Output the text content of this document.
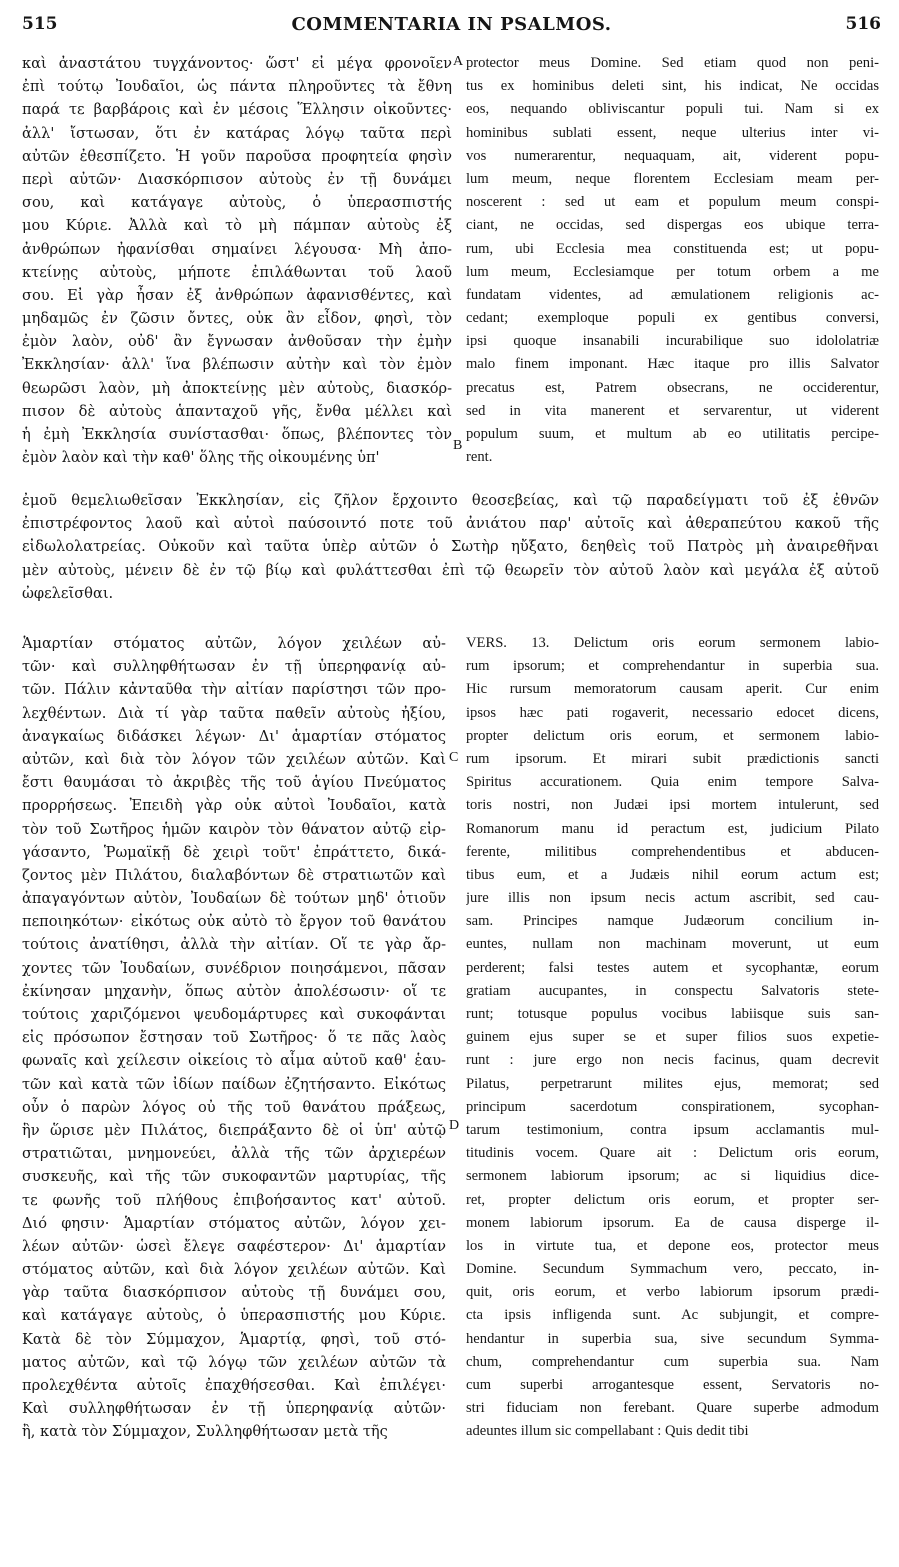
515	COMMENTARIA IN PSALMOS.	516
καὶ ἀναστάτου τυγχάνοντος· ὥστ' εἰ μέγα φρονοῖεν
ἐπὶ τούτῳ Ἰουδαῖοι, ὡς πάντα πληροῦντες τὰ ἔθνη
παρά τε βαρβάροις καὶ ἐν μέσοις Ἕλλησιν οἰκοῦντες·
ἀλλ' ἴστωσαν, ὅτι ἐν κατάρας λόγῳ ταῦτα περὶ
αὐτῶν ἐθεσπίζετο. Ἡ γοῦν παροῦσα προφητεία φησὶν
περὶ αὐτῶν· Διασκόρπισον αὐτοὺς ἐν τῇ δυνάμει
σου, καὶ κατάγαγε αὐτοὺς, ὁ ὑπερασπιστής
μου Κύριε. Ἀλλὰ καὶ τὸ μὴ πάμπαν αὐτοὺς ἐξ
ἀνθρώπων ἠφανίσθαι σημαίνει λέγουσα· Μὴ ἀπο-
κτείνῃς αὐτοὺς, μήποτε ἐπιλάθωνται τοῦ λαοῦ
σου. Εἰ γὰρ ἦσαν ἐξ ἀνθρώπων ἀφανισθέντες, καὶ
μηδαμῶς ἐν ζῶσιν ὄντες, οὐκ ἂν εἶδον, φησὶ, τὸν
ἐμὸν λαὸν, οὐδ' ἂν ἔγνωσαν ἀνθοῦσαν τὴν ἐμὴν
Ἐκκλησίαν· ἀλλ' ἵνα βλέπωσιν αὐτὴν καὶ τὸν ἐμὸν
θεωρῶσι λαὸν, μὴ ἀποκτείνῃς μὲν αὐτοὺς, διασκόρ-
πισον δὲ αὐτοὺς ἁπανταχοῦ γῆς, ἔνθα μέλλει καὶ
ἡ ἐμὴ Ἐκκλησία συνίστασθαι· ὅπως, βλέποντες τὸν
ἐμὸν λαὸν καὶ τὴν καθ' ὅλης τῆς οἰκουμένης ὑπ'
protector meus Domine. Sed etiam quod non peni-
tus ex hominibus deleti sint, his indicat, Ne occidas
eos, nequando obliviscantur populi tui. Nam si ex
hominibus sublati essent, neque ulterius inter vi-
vos numerarentur, nequaquam, ait, viderent popu-
lum meum, neque florentem Ecclesiam meam per-
noscerent : sed ut eam et populum meum conspi-
ciant, ne occidas, sed dispergas eos ubique terra-
rum, ubi Ecclesia mea constituenda est; ut popu-
lum meum, Ecclesiamque per totum orbem a me
fundatam videntes, ad æmulationem religionis ac-
cedant; exemploque populi ex gentibus conversi,
ipsi quoque insanabili incurabilique suo idololatriæ
malo finem imponant. Hæc itaque pro illis Salvator
precatus est, Patrem obsecrans, ne occiderentur,
sed in vita manerent et servarentur, ut viderent
populum suum, et multum ab eo utilitatis percipe-
rent.
ἐμοῦ θεμελιωθεῖσαν Ἐκκλησίαν, εἰς ζῆλον ἔρχοιντο θεοσεβείας, καὶ τῷ παραδείγματι τοῦ ἐξ ἐθνῶν
ἐπιστρέφοντος λαοῦ καὶ αὐτοὶ παύσοιντό ποτε τοῦ ἀνιάτου παρ' αὐτοῖς καὶ ἀθεραπεύτου κακοῦ τῆς
εἰδωλολατρείας. Οὐκοῦν καὶ ταῦτα ὑπὲρ αὐτῶν ὁ Σωτὴρ ηὔξατο, δεηθεὶς τοῦ Πατρὸς μὴ ἀναιρεθῆναι
μὲν αὐτοὺς, μένειν δὲ ἐν τῷ βίῳ καὶ φυλάττεσθαι ἐπὶ τῷ θεωρεῖν τὸν αὐτοῦ λαὸν καὶ μεγάλα ἐξ αὐτοῦ
ὠφελεῖσθαι.
Ἁμαρτίαν στόματος αὐτῶν, λόγον χειλέων αὐ-
τῶν· καὶ συλληφθήτωσαν ἐν τῇ ὑπερηφανίᾳ αὐ-
τῶν. Πάλιν κἀνταῦθα τὴν αἰτίαν παρίστησι τῶν προ-
λεχθέντων. Διὰ τί γὰρ ταῦτα παθεῖν αὐτοὺς ἠξίου,
ἀναγκαίως διδάσκει λέγων· Δι' ἁμαρτίαν στόματος
αὐτῶν, καὶ διὰ τὸν λόγον τῶν χειλέων αὐτῶν. Καὶ
ἔστι θαυμάσαι τὸ ἀκριβὲς τῆς τοῦ ἁγίου Πνεύματος
προρρήσεως. Ἐπειδὴ γὰρ οὐκ αὐτοὶ Ἰουδαῖοι, κατὰ
τὸν τοῦ Σωτῆρος ἡμῶν καιρὸν τὸν θάνατον αὐτῷ εἰρ-
γάσαντο, Ῥωμαϊκῇ δὲ χειρὶ τοῦτ' ἐπράττετο, δικά-
ζοντος μὲν Πιλάτου, διαλαβόντων δὲ στρατιωτῶν καὶ
ἀπαγαγόντων αὐτὸν, Ἰουδαίων δὲ τούτων μηδ' ὁτιοῦν
πεποιηκότων· εἰκότως οὐκ αὐτὸ τὸ ἔργον τοῦ θανάτου
τούτοις ἀνατίθησι, ἀλλὰ τὴν αἰτίαν. Οἵ τε γὰρ ἄρ-
χοντες τῶν Ἰουδαίων, συνέδριον ποιησάμενοι, πᾶσαν
ἐκίνησαν μηχανὴν, ὅπως αὐτὸν ἀπολέσωσιν· οἵ τε
τούτοις χαριζόμενοι ψευδομάρτυρες καὶ συκοφάνται
εἰς πρόσωπον ἔστησαν τοῦ Σωτῆρος· ὅ τε πᾶς λαὸς
φωναῖς καὶ χείλεσιν οἰκείοις τὸ αἷμα αὐτοῦ καθ' ἑαυ-
τῶν καὶ κατὰ τῶν ἰδίων παίδων ἐζητήσαντο. Εἰκότως
οὖν ὁ παρὼν λόγος οὐ τῆς τοῦ θανάτου πράξεως,
ἣν ὥρισε μὲν Πιλάτος, διεπράξαντο δὲ οἱ ὑπ' αὐτῷ
στρατιῶται, μνημονεύει, ἀλλὰ τῆς τῶν ἀρχιερέων
συσκευῆς, καὶ τῆς τῶν συκοφαντῶν μαρτυρίας, τῆς
τε φωνῆς τοῦ πλήθους ἐπιβοήσαντος κατ' αὐτοῦ.
Διό φησιν· Ἁμαρτίαν στόματος αὐτῶν, λόγον χει-
λέων αὐτῶν· ὡσεὶ ἔλεγε σαφέστερον· Δι' ἁμαρτίαν
στόματος αὐτῶν, καὶ διὰ λόγον χειλέων αὐτῶν. Καὶ
γὰρ ταῦτα διασκόρπισον αὐτοὺς τῇ δυνάμει σου,
καὶ κατάγαγε αὐτοὺς, ὁ ὑπερασπιστής μου Κύριε.
Κατὰ δὲ τὸν Σύμμαχον, Ἁμαρτίᾳ, φησὶ, τοῦ στό-
ματος αὐτῶν, καὶ τῷ λόγῳ τῶν χειλέων αὐτῶν τὰ
προλεχθέντα αὐτοῖς ἐπαχθήσεσθαι. Καὶ ἐπιλέγει·
Καὶ συλληφθήτωσαν ἐν τῇ ὑπερηφανίᾳ αὐτῶν·
ἢ, κατὰ τὸν Σύμμαχον, Συλληφθήτωσαν μετὰ τῆς
VERS. 13. Delictum oris eorum sermonem labio-
rum ipsorum; et comprehendantur in superbia sua.
Hic rursum memoratorum causam aperit. Cur enim
ipsos hæc pati rogaverit, necessario edocet dicens,
propter delictum oris eorum, et sermonem labio-
rum ipsorum. Et mirari subit prædictionis sancti
Spiritus accurationem. Quia enim tempore Salva-
toris nostri, non Judæi ipsi mortem intulerunt, sed
Romanorum manu id peractum est, judicium Pilato
ferente, militibus comprehendentibus et abducen-
tibus eum, et a Judæis nihil eorum actum est;
jure illis non ipsum necis actum ascribit, sed cau-
sam. Principes namque Judæorum concilium in-
euntes, nullam non machinam moverunt, ut eum
perderent; falsi testes autem et sycophantæ, eorum
gratiam aucupantes, in conspectu Salvatoris stete-
runt; totusque populus vocibus labiisque suis san-
guinem ejus super se et super filios suos expetie-
runt : jure ergo non necis facinus, quam decrevit
Pilatus, perpetrarunt milites ejus, memorat; sed
principum sacerdotum conspirationem, sycophan-
tarum testimonium, contra ipsum acclamantis mul-
titudinis vocem. Quare ait : Delictum oris eorum,
sermonem labiorum ipsorum; ac si liquidius dice-
ret, propter delictum oris eorum, et propter ser-
monem labiorum ipsorum. Ea de causa disperge il-
los in virtute tua, et depone eos, protector meus
Domine. Secundum Symmachum vero, peccato, in-
quit, oris eorum, et verbo labiorum ipsorum prædi-
cta ipsis infligenda sunt. Ac subjungit, et compre-
hendantur in superbia sua, sive secundum Symma-
chum, comprehendantur cum superbia sua. Nam
cum superbi arrogantesque essent, Servatoris no-
stri fiduciam non ferebant. Quare superbe admodum
adeuntes illum sic compellabant : Quis dedit tibi
A
B
C
D
